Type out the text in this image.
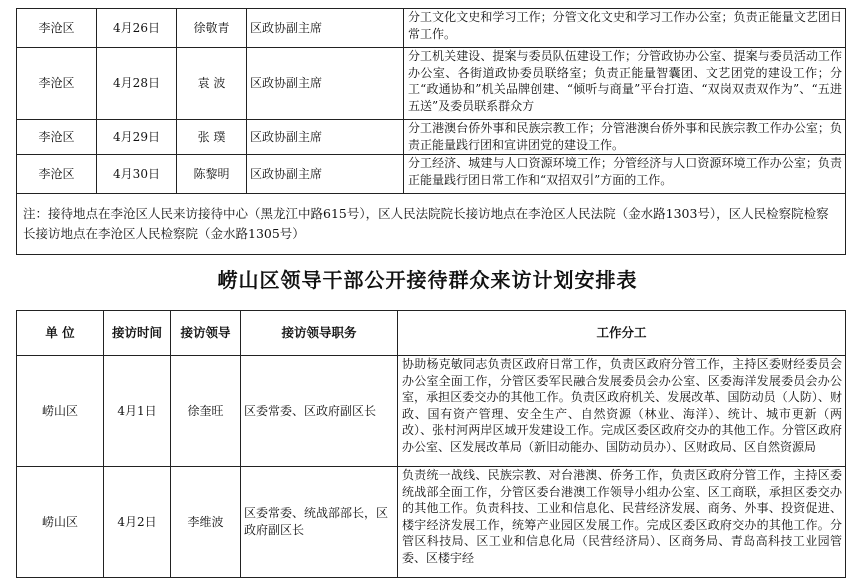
李沧区	4月26日	徐敬青	区政协副主席	分工文化文史和学习工作；分管文化文史和学习工作办公室；负责正能量文艺团日常工作。

李沧区	4月28日	袁 波	区政协副主席	分工机关建设、提案与委员队伍建设工作；分管政协办公室、提案与委员活动工作办公室、各街道政协委员联络室；负责正能量智囊团、文艺团党的建设工作；分工“政通协和”机关品牌创建、“倾听与商量”平台打造、“双岗双责双作为”、“五进五送”及委员联系群众方

李沧区	4月29日	张 璞	区政协副主席	分工港澳台侨外事和民族宗教工作；分管港澳台侨外事和民族宗教工作办公室；负责正能量践行团和宣讲团党的建设工作。

李沧区	4月30日	陈黎明	区政协副主席	分工经济、城建与人口资源环境工作；分管经济与人口资源环境工作办公室；负责正能量践行团日常工作和“双招双引”方面的工作。

注：接待地点在李沧区人民来访接待中心（黑龙江中路615号），区人民法院院长接访地点在李沧区人民法院（金水路1303号），区人民检察院检察长接访地点在李沧区人民检察院（金水路1305号）				
崂山区领导干部公开接待群众来访计划安排表
单 位	接访时间	接访领导	接访领导职务	工作分工
崂山区	4月1日	徐奎旺	区委常委、区政府副区长	协助杨克敏同志负责区政府日常工作，负责区政府分管工作，主持区委财经委员会办公室全面工作，分管区委军民融合发展委员会办公室、区委海洋发展委员会办公室，承担区委交办的其他工作。负责区政府机关、发展改革、国防动员（人防）、财政、国有资产管理、安全生产、自然资源（林业、海洋）、统计、城市更新（两改）、张村河两岸区域开发建设工作。完成区委区政府交办的其他工作。分管区政府办公室、区发展改革局（新旧动能办、国防动员办）、区财政局、区自然资源局

崂山区	4月2日	李维波	区委常委、统战部部长，区政府副区长	负责统一战线、民族宗教、对台港澳、侨务工作，负责区政府分管工作，主持区委统战部全面工作，分管区委台港澳工作领导小组办公室、区工商联，承担区委交办的其他工作。负责科技、工业和信息化、民营经济发展、商务、外事、投资促进、楼宇经济发展工作，统筹产业园区发展工作。完成区委区政府交办的其他工作。分管区科技局、区工业和信息化局（民营经济局）、区商务局、青岛高科技工业园管委、区楼宇经
